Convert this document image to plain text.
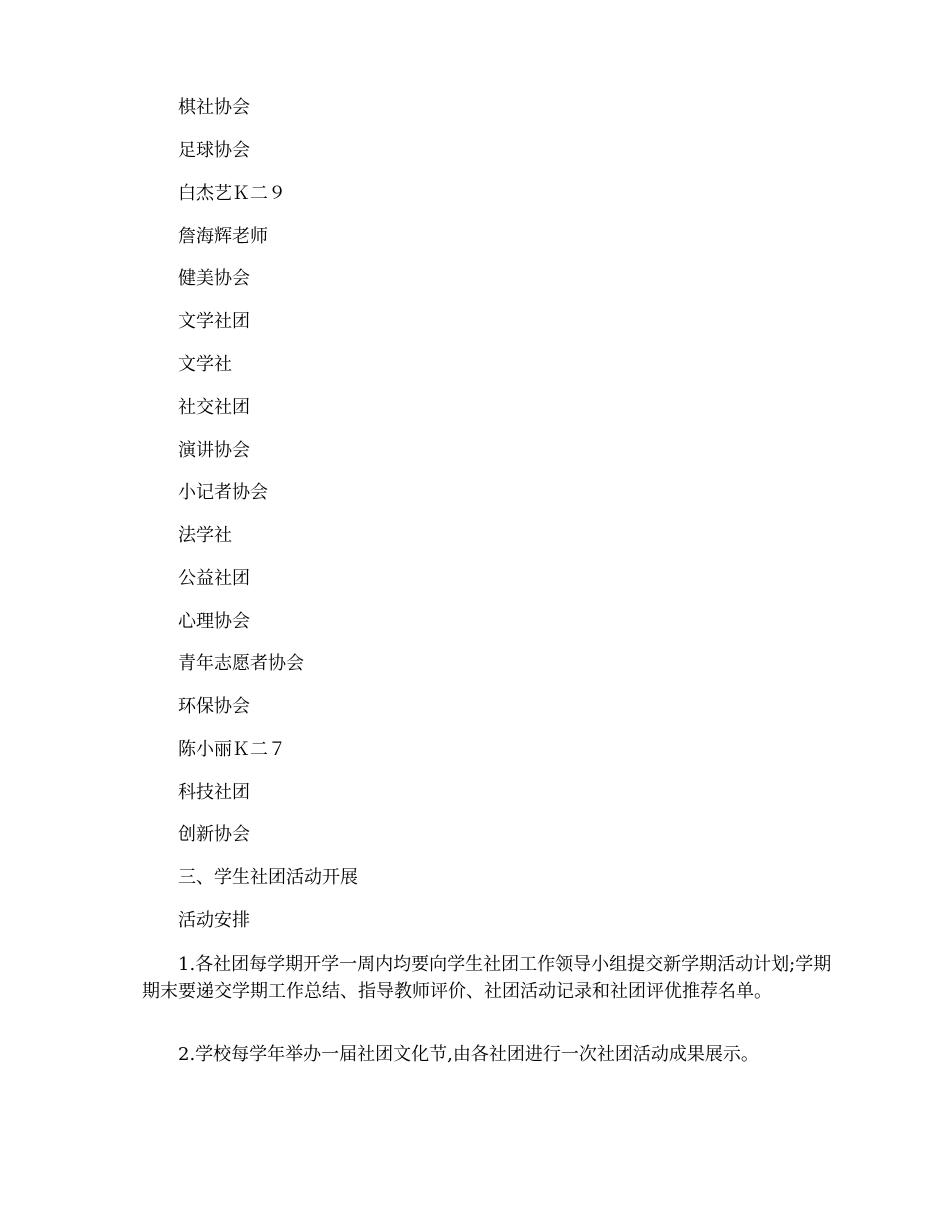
棋社协会

足球协会

白杰艺Ｋ二９

詹海辉老师

健美协会

文学社团

文学社

社交社团

演讲协会

小记者协会

法学社

公益社团

心理协会

青年志愿者协会

环保协会

陈小丽Ｋ二７

科技社团

创新协会

三、学生社团活动开展

活动安排

1.各社团每学期开学一周内均要向学生社团工作领导小组提交新学期活动计划;学期期末要递交学期工作总结、指导教师评价、社团活动记录和社团评优推荐名单。

2.学校每学年举办一届社团文化节,由各社团进行一次社团活动成果展示。
